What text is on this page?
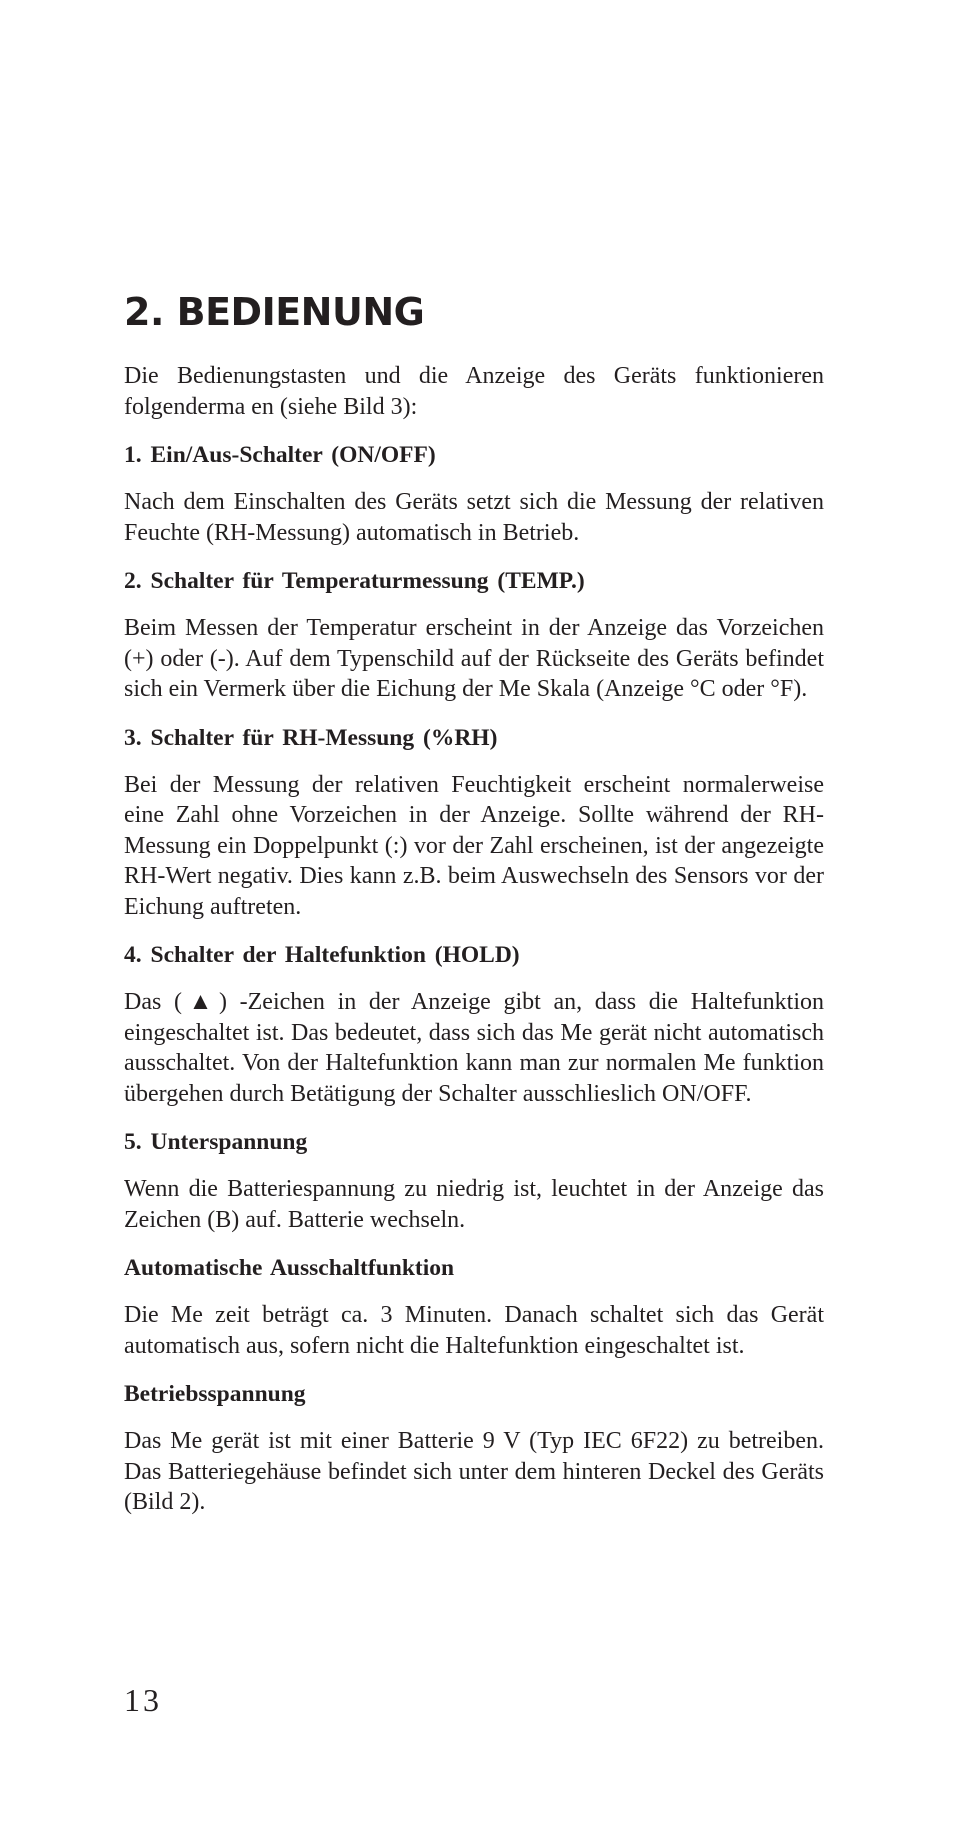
2. BEDIENUNG

Die Bedienungstasten und die Anzeige des Geräts funktionieren folgenderma en (siehe Bild 3):

1. Ein/Aus-Schalter (ON/OFF)

Nach dem Einschalten des Geräts setzt sich die Messung der relativen Feuchte (RH-Messung) automatisch in Betrieb.

2. Schalter für Temperaturmessung (TEMP.)

Beim Messen der Temperatur erscheint in der Anzeige das Vorzeichen (+) oder (-). Auf dem Typenschild auf der Rückseite des Geräts befindet sich ein Vermerk über die Eichung der Me Skala (Anzeige °C oder °F).

3. Schalter für RH-Messung (%RH)

Bei der Messung der relativen Feuchtigkeit erscheint normalerweise eine Zahl ohne Vorzeichen in der Anzeige. Sollte während der RH-Messung ein Doppelpunkt (:) vor der Zahl erscheinen, ist der angezeigte RH-Wert negativ. Dies kann z.B. beim Auswechseln des Sensors vor der Eichung auftreten.

4. Schalter der Haltefunktion (HOLD)

Das (▲) -Zeichen in der Anzeige gibt an, dass die Haltefunktion eingeschaltet ist. Das bedeutet, dass sich das Me gerät nicht automatisch ausschaltet. Von der Haltefunktion kann man zur normalen Me funktion übergehen durch Betätigung der Schalter ausschlieslich ON/OFF.

5. Unterspannung

Wenn die Batteriespannung zu niedrig ist, leuchtet in der Anzeige das Zeichen (B) auf. Batterie wechseln.

Automatische Ausschaltfunktion

Die Me zeit beträgt ca. 3 Minuten. Danach schaltet sich das Gerät automatisch aus, sofern nicht die Haltefunktion eingeschaltet ist.

Betriebsspannung

Das Me gerät ist mit einer Batterie 9 V (Typ IEC 6F22) zu betreiben. Das Batteriegehäuse befindet sich unter dem hinteren Deckel des Geräts (Bild 2).

13
